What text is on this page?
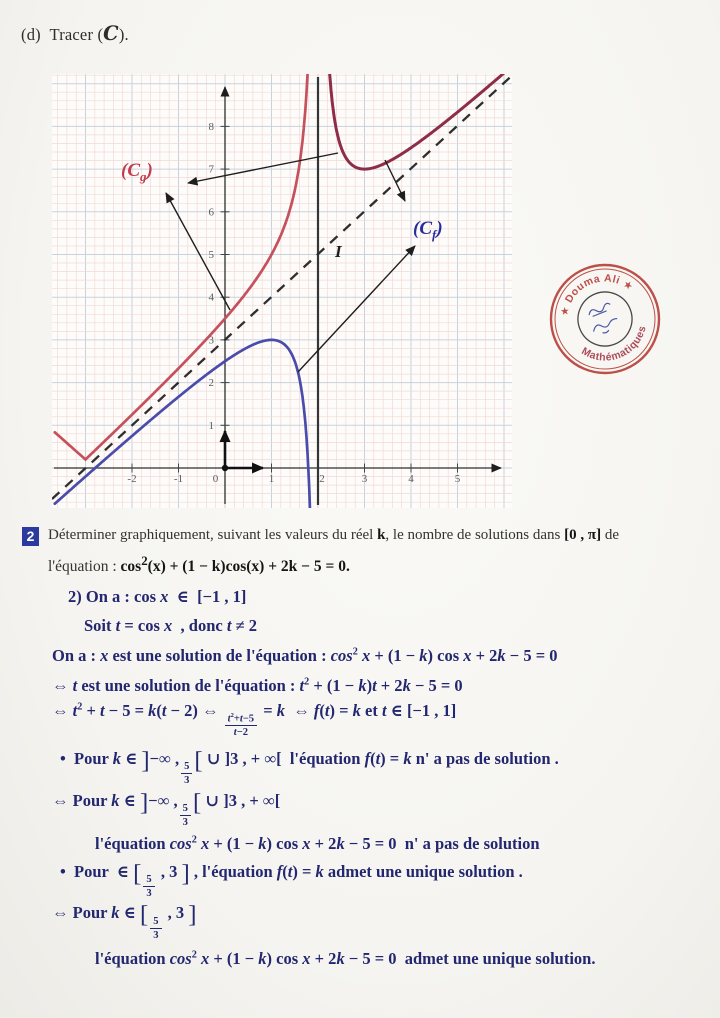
(d)  Tracer (C).
-2	-1	0	1	2	3	4	5
1
2
3
4
5
6
7
8
$(C_g)$
$(C_f)$
I
★ Douma Ali ★
Mathématiques
2 Déterminer graphiquement, suivant les valeurs du réel k, le nombre de solutions dans [0 , π] de
l'équation : $\cos^2(x) + (1 - k)\cos(x) + 2k - 5 = 0$.
2) On a : cos x  ∈  [−1 , 1]
Soit t = cos x  , donc t ≠ 2
On a : x est une solution de l'équation : $\cos^2 x + (1 - k)$ cos x + 2k − 5 = 0
⇔ t est une solution de l'équation : $t^2 + (1 - k)t + 2k - 5 = 0$
⇔ $t^2 + t - 5 = k(t - 2)$ ⇔
$\frac{t^2+t-5}{t-2}$
= k  ⇔ f(t) = k et t ∈ [−1 , 1]
•  Pour k ∈ ]−∞ ,
$\frac{5}{3}$ [ ∪ ]3 , + ∞[  l'équation f(t) = k n' a pas de solution .
⇔ Pour k ∈ ]−∞ ,
$\frac{5}{3}$ [ ∪ ]3 , + ∞[
l'équation $\cos^2 x + (1 - k)$ cos x + 2k − 5 = 0  n' a pas de solution
•  Pour  ∈ [ $\frac{5}{3}$
, 3 ] , l'équation f(t) = k admet une unique solution .
⇔ Pour k ∈ [ $\frac{5}{3}$
, 3 ]
l'équation $\cos^2 x + (1 - k)$ cos x + 2k − 5 = 0  admet une unique solution.
